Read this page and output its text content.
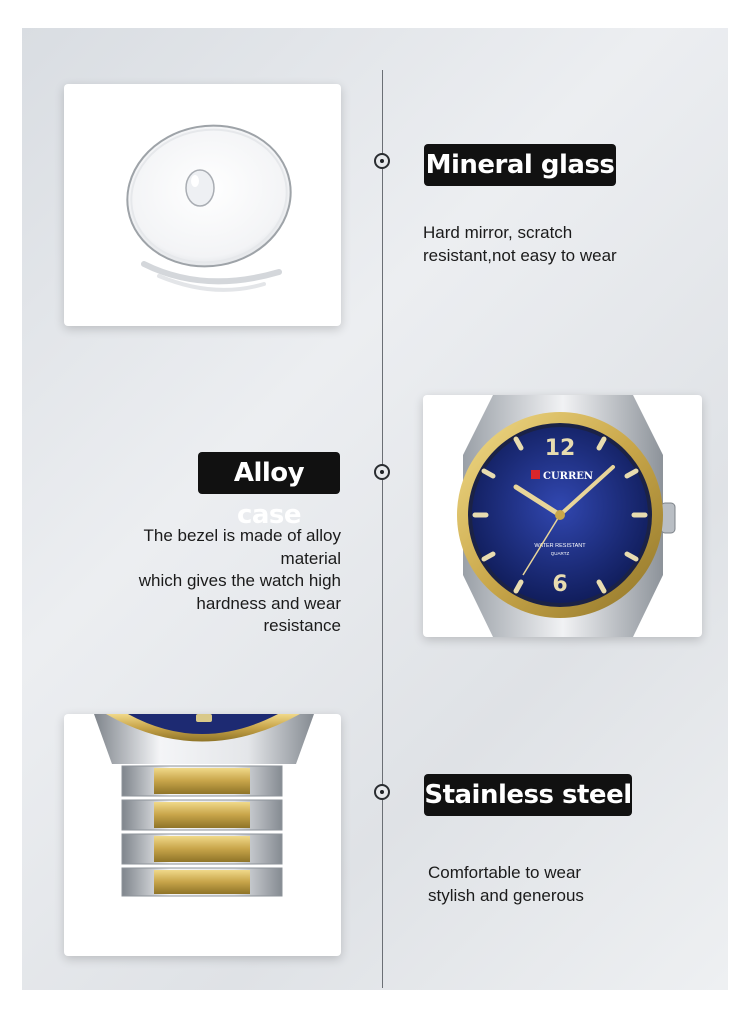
Mineral glass

Hard mirror, scratch

resistant,not easy to wear

Alloy case

The bezel is made of alloy

material

which gives the watch high

hardness and wear

resistance

12
6
CURREN
WATER RESISTANT
QUARTZ
Stainless steel

Comfortable to wear

stylish and generous
